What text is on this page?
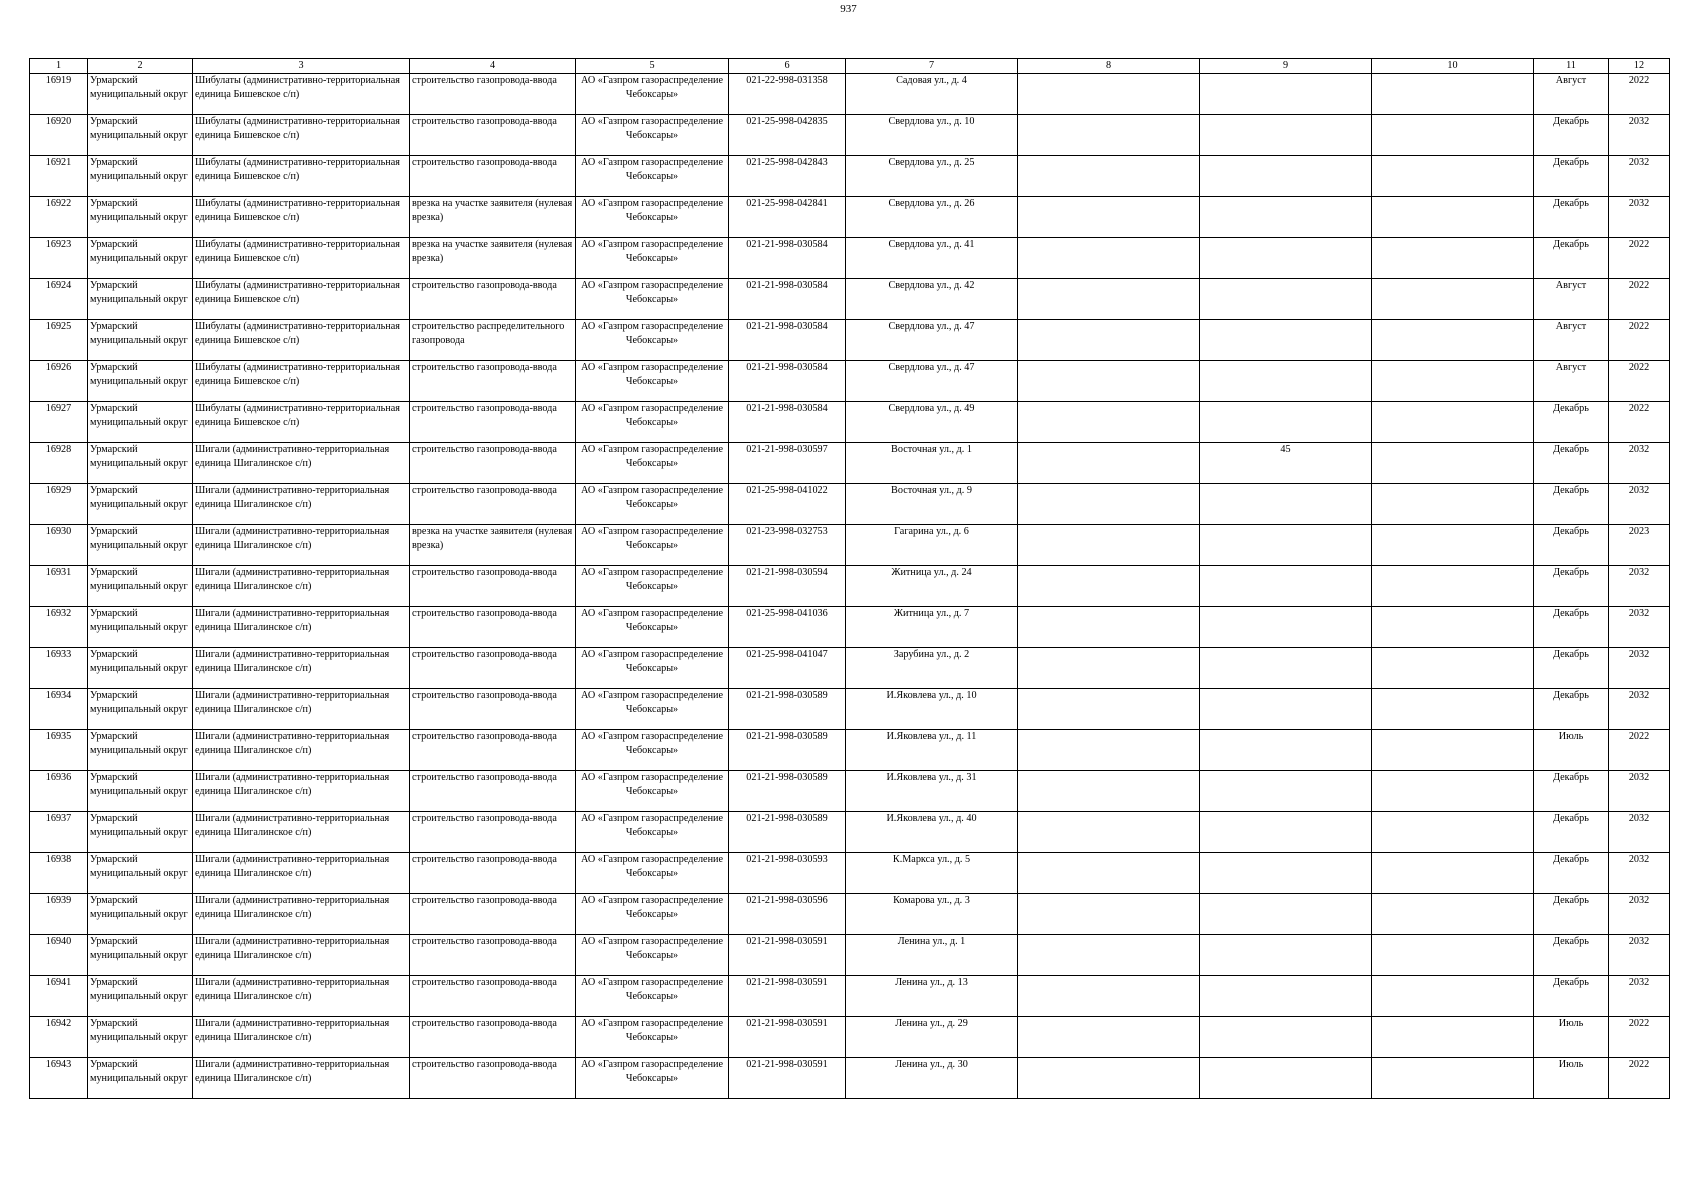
937
1	2	3	4	5	6	7	8	9	10	11	12

16919	Урмарский муниципальный округ	Шибулаты (административно-территориальная единица Бишевское с/п)	строительство газопровода-ввода	АО «Газпром газораспределение Чебоксары»	021-22-998-031358	Садовая ул., д. 4				Август	2022

16920	Урмарский муниципальный округ	Шибулаты (административно-территориальная единица Бишевское с/п)	строительство газопровода-ввода	АО «Газпром газораспределение Чебоксары»	021-25-998-042835	Свердлова ул., д. 10				Декабрь	2032

16921	Урмарский муниципальный округ	Шибулаты (административно-территориальная единица Бишевское с/п)	строительство газопровода-ввода	АО «Газпром газораспределение Чебоксары»	021-25-998-042843	Свердлова ул., д. 25				Декабрь	2032

16922	Урмарский муниципальный округ	Шибулаты (административно-территориальная единица Бишевское с/п)	врезка на участке заявителя (нулевая врезка)	АО «Газпром газораспределение Чебоксары»	021-25-998-042841	Свердлова ул., д. 26				Декабрь	2032

16923	Урмарский муниципальный округ	Шибулаты (административно-территориальная единица Бишевское с/п)	врезка на участке заявителя (нулевая врезка)	АО «Газпром газораспределение Чебоксары»	021-21-998-030584	Свердлова ул., д. 41				Декабрь	2022

16924	Урмарский муниципальный округ	Шибулаты (административно-территориальная единица Бишевское с/п)	строительство газопровода-ввода	АО «Газпром газораспределение Чебоксары»	021-21-998-030584	Свердлова ул., д. 42				Август	2022

16925	Урмарский муниципальный округ	Шибулаты (административно-территориальная единица Бишевское с/п)	строительство распределительного газопровода	АО «Газпром газораспределение Чебоксары»	021-21-998-030584	Свердлова ул., д. 47				Август	2022

16926	Урмарский муниципальный округ	Шибулаты (административно-территориальная единица Бишевское с/п)	строительство газопровода-ввода	АО «Газпром газораспределение Чебоксары»	021-21-998-030584	Свердлова ул., д. 47				Август	2022

16927	Урмарский муниципальный округ	Шибулаты (административно-территориальная единица Бишевское с/п)	строительство газопровода-ввода	АО «Газпром газораспределение Чебоксары»	021-21-998-030584	Свердлова ул., д. 49				Декабрь	2022

16928	Урмарский муниципальный округ	Шигали (административно-территориальная единица Шигалинское с/п)	строительство газопровода-ввода	АО «Газпром газораспределение Чебоксары»	021-21-998-030597	Восточная ул., д. 1		45		Декабрь	2032

16929	Урмарский муниципальный округ	Шигали (административно-территориальная единица Шигалинское с/п)	строительство газопровода-ввода	АО «Газпром газораспределение Чебоксары»	021-25-998-041022	Восточная ул., д. 9				Декабрь	2032

16930	Урмарский муниципальный округ	Шигали (административно-территориальная единица Шигалинское с/п)	врезка на участке заявителя (нулевая врезка)	АО «Газпром газораспределение Чебоксары»	021-23-998-032753	Гагарина ул., д. 6				Декабрь	2023

16931	Урмарский муниципальный округ	Шигали (административно-территориальная единица Шигалинское с/п)	строительство газопровода-ввода	АО «Газпром газораспределение Чебоксары»	021-21-998-030594	Житница ул., д. 24				Декабрь	2032

16932	Урмарский муниципальный округ	Шигали (административно-территориальная единица Шигалинское с/п)	строительство газопровода-ввода	АО «Газпром газораспределение Чебоксары»	021-25-998-041036	Житница ул., д. 7				Декабрь	2032

16933	Урмарский муниципальный округ	Шигали (административно-территориальная единица Шигалинское с/п)	строительство газопровода-ввода	АО «Газпром газораспределение Чебоксары»	021-25-998-041047	Зарубина ул., д. 2				Декабрь	2032

16934	Урмарский муниципальный округ	Шигали (административно-территориальная единица Шигалинское с/п)	строительство газопровода-ввода	АО «Газпром газораспределение Чебоксары»	021-21-998-030589	И.Яковлева ул., д. 10				Декабрь	2032

16935	Урмарский муниципальный округ	Шигали (административно-территориальная единица Шигалинское с/п)	строительство газопровода-ввода	АО «Газпром газораспределение Чебоксары»	021-21-998-030589	И.Яковлева ул., д. 11				Июль	2022

16936	Урмарский муниципальный округ	Шигали (административно-территориальная единица Шигалинское с/п)	строительство газопровода-ввода	АО «Газпром газораспределение Чебоксары»	021-21-998-030589	И.Яковлева ул., д. 31				Декабрь	2032

16937	Урмарский муниципальный округ	Шигали (административно-территориальная единица Шигалинское с/п)	строительство газопровода-ввода	АО «Газпром газораспределение Чебоксары»	021-21-998-030589	И.Яковлева ул., д. 40				Декабрь	2032

16938	Урмарский муниципальный округ	Шигали (административно-территориальная единица Шигалинское с/п)	строительство газопровода-ввода	АО «Газпром газораспределение Чебоксары»	021-21-998-030593	К.Маркса ул., д. 5				Декабрь	2032

16939	Урмарский муниципальный округ	Шигали (административно-территориальная единица Шигалинское с/п)	строительство газопровода-ввода	АО «Газпром газораспределение Чебоксары»	021-21-998-030596	Комарова ул., д. 3				Декабрь	2032

16940	Урмарский муниципальный округ	Шигали (административно-территориальная единица Шигалинское с/п)	строительство газопровода-ввода	АО «Газпром газораспределение Чебоксары»	021-21-998-030591	Ленина ул., д. 1				Декабрь	2032

16941	Урмарский муниципальный округ	Шигали (административно-территориальная единица Шигалинское с/п)	строительство газопровода-ввода	АО «Газпром газораспределение Чебоксары»	021-21-998-030591	Ленина ул., д. 13				Декабрь	2032

16942	Урмарский муниципальный округ	Шигали (административно-территориальная единица Шигалинское с/п)	строительство газопровода-ввода	АО «Газпром газораспределение Чебоксары»	021-21-998-030591	Ленина ул., д. 29				Июль	2022

16943	Урмарский муниципальный округ	Шигали (административно-территориальная единица Шигалинское с/п)	строительство газопровода-ввода	АО «Газпром газораспределение Чебоксары»	021-21-998-030591	Ленина ул., д. 30				Июль	2022
